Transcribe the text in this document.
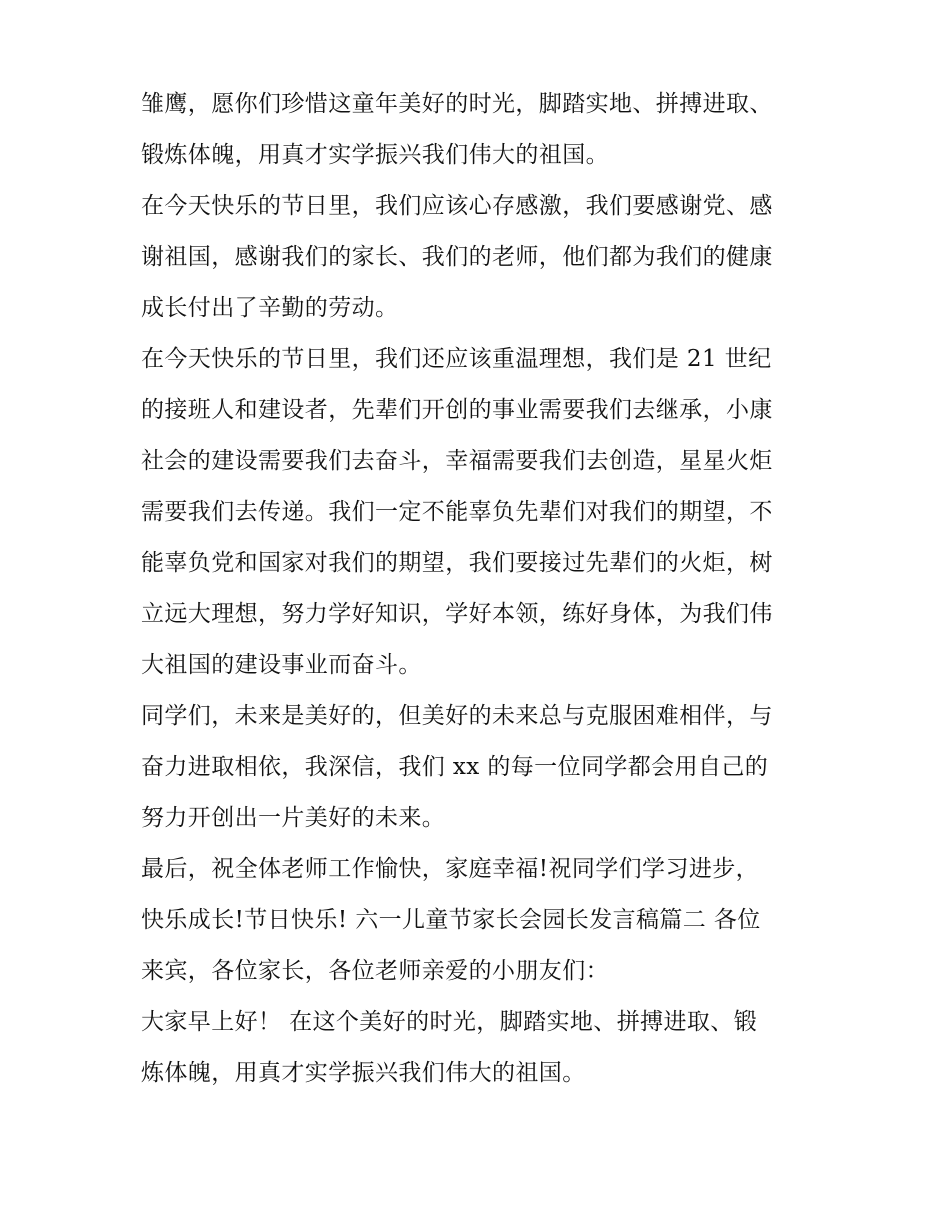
雏鹰，愿你们珍惜这童年美好的时光，脚踏实地、拼搏进取、
锻炼体魄，用真才实学振兴我们伟大的祖国。
在今天快乐的节日里，我们应该心存感激，我们要感谢党、感
谢祖国，感谢我们的家长、我们的老师，他们都为我们的健康
成长付出了辛勤的劳动。
在今天快乐的节日里，我们还应该重温理想，我们是 21 世纪
的接班人和建设者，先辈们开创的事业需要我们去继承，小康
社会的建设需要我们去奋斗，幸福需要我们去创造，星星火炬
需要我们去传递。我们一定不能辜负先辈们对我们的期望，不
能辜负党和国家对我们的期望，我们要接过先辈们的火炬，树
立远大理想，努力学好知识，学好本领，练好身体，为我们伟
大祖国的建设事业而奋斗。
同学们，未来是美好的，但美好的未来总与克服困难相伴，与
奋力进取相依，我深信，我们 xx 的每一位同学都会用自己的
努力开创出一片美好的未来。
最后，祝全体老师工作愉快，家庭幸福!祝同学们学习进步，
快乐成长!节日快乐! 六一儿童节家长会园长发言稿篇二 各位
来宾，各位家长，各位老师亲爱的小朋友们：
大家早上好！ 在这个美好的时光，脚踏实地、拼搏进取、锻
炼体魄，用真才实学振兴我们伟大的祖国。
